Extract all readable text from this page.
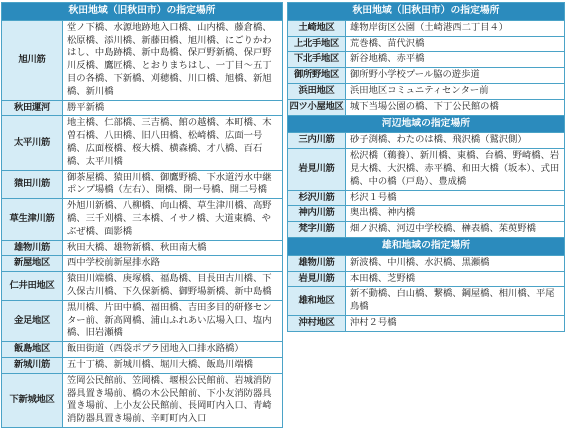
秋田地域（旧秋田市）の指定場所	
旭川筋	堂ノ下橋、水源地跡地入口橋、山内橋、藤倉橋、松原橋、添川橋、新藤田橋、旭川橋、にごりかわはし、中島跡橋、新中島橋、保戸野新橋、保戸野川反橋、鷹匠橋、とおりまちはし、一丁目～五丁目の各橋、下新橋、刈穂橋、川口橋、旭橋、新旭橋、新川橋
秋田運河	勝平新橋
太平川筋	地主橋、仁部橋、三吉橋、館の越橋、本町橋、木曽石橋、八田橋、旧八田橋、松崎橋、広面一号橋、広面桜橋、桜大橋、横森橋、才八橋、百石橋、太平川橋
猿田川筋	御茶屋橋、猿田川橋、御鷹野橋、下水道汚水中継ポンプ場橋（左右）、開橋、開一号橋、開二号橋
草生津川筋	外旭川新橋、八柳橋、向山橋、草生津川橋、高野橋、三千刈橋、三本橋、イサノ橋、大道東橋、やぶぜ橋、面影橋
雄物川筋	秋田大橋、雄物新橋、秋田南大橋
新屋地区	西中学校前新屋排水路
仁井田地区	猿田川端橋、庚塚橋、福島橋、目長田古川橋、下久保古川橋、下久保新橋、御野場新橋、新中島橋
金足地区	黒川橋、片田中橋、福田橋、吉田多目的研修センター前、新高岡橋、浦山ふれあい広場入口、塩内橋、旧岩瀬橋
飯島地区	飯田街道（西袋ポプラ団地入口排水路橋）
新城川筋	五十丁橋、新城川橋、堀川大橋、飯島川端橋
下新城地区	笠岡公民館前、笠岡橋、堰根公民館前、岩城消防器具置き場前、橋の木公民館前、下小友消防器具置き場前、上小友公民館前、長岡町内入口、青崎消防器具置き場前、辛町町内入口
秋田地域（旧秋田市）の指定場所	
土崎地区	雄物岸街区公園（土崎港西二丁目４）
上北手地区	荒巻橋、苗代沢橋
下北手地区	新谷地橋、赤平橋
御所野地区	御所野小学校プール脇の遊歩道
浜田地区	浜田地区コミュニティセンター前
四ツ小屋地区	城下当場公園の橋、下丁公民館の橋
河辺地域の指定場所	
三内川筋	砂子渕橋、わたのは橋、飛沢橋（鷲沢側）
岩見川筋	松沢橋（鵜養）、新川橋、東橋、台橋、野崎橋、岩見大橋、大沢橋、赤平橋、和田大橋（坂本）、式田橋、中の橋（戸島）、豊成橋
杉沢川筋	杉沢１号橋
神内川筋	奥出橋、神内橋
梵字川筋	畑ノ沢橋、河辺中学校橋、榊表橋、茱萸野橋
雄和地域の指定場所	
雄物川筋	新波橋、中川橋、水沢橋、黒瀬橋
岩見川筋	本田橋、芝野橋
雄和地区	新不動橋、白山橋、繋橋、鋼屋橋、相川橋、平尾鳥橋
沖村地区	沖村２号橋
